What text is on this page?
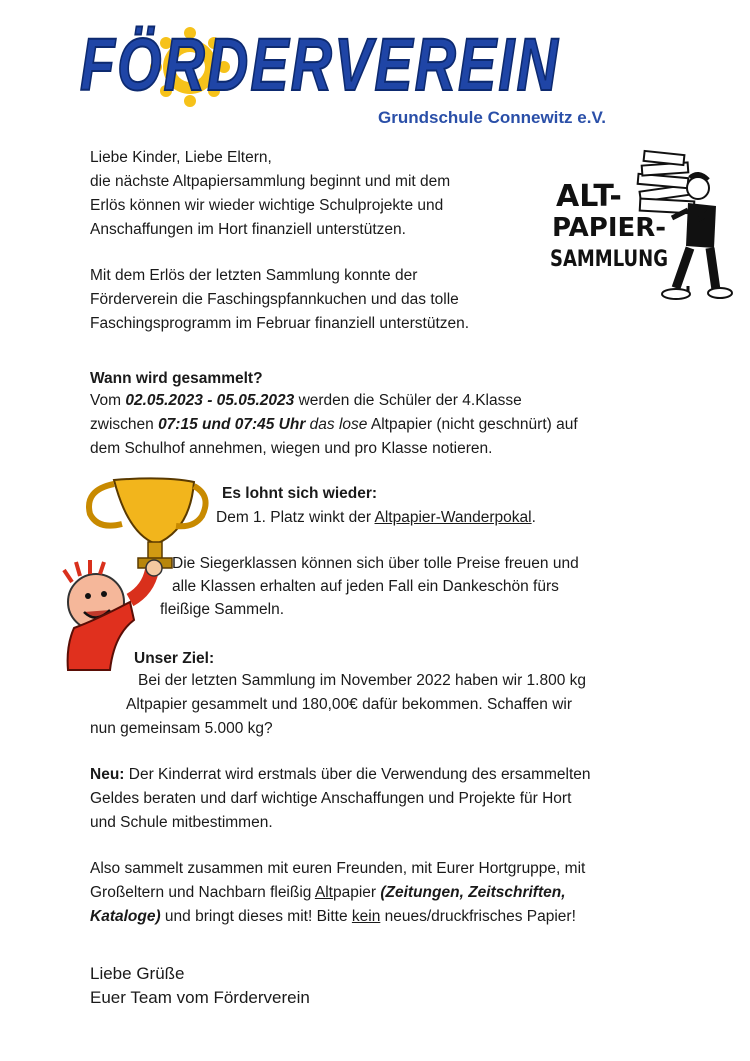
FÖRDERVEREIN
Grundschule Connewitz e.V.
Liebe Kinder, Liebe Eltern,
die nächste Altpapiersammlung beginnt und mit dem
Erlös können wir wieder wichtige Schulprojekte und
Anschaffungen im Hort finanziell unterstützen.
Mit dem Erlös der letzten Sammlung konnte der
Förderverein die Faschingspfannkuchen und das tolle
Faschingsprogramm im Februar finanziell unterstützen.
ALT-
PAPIER-
SAMMLUNG
Wann wird gesammelt?
Vom 02.05.2023 - 05.05.2023 werden die Schüler der 4.Klasse
zwischen 07:15 und 07:45 Uhr das lose Altpapier (nicht geschnürt) auf
dem Schulhof annehmen, wiegen und pro Klasse notieren.
Es lohnt sich wieder:
Dem 1. Platz winkt der Altpapier-Wanderpokal.
Die Siegerklassen können sich über tolle Preise freuen und
alle Klassen erhalten auf jeden Fall ein Dankeschön fürs
fleißige Sammeln.
Unser Ziel:
Bei der letzten Sammlung im November 2022 haben wir 1.800 kg
Altpapier gesammelt und 180,00€ dafür bekommen. Schaffen wir
nun gemeinsam 5.000 kg?
Neu: Der Kinderrat wird erstmals über die Verwendung des ersammelten
Geldes beraten und darf wichtige Anschaffungen und Projekte für Hort
und Schule mitbestimmen.
Also sammelt zusammen mit euren Freunden, mit Eurer Hortgruppe, mit
Großeltern und Nachbarn fleißig Altpapier (Zeitungen, Zeitschriften,
Kataloge) und bringt dieses mit! Bitte kein neues/druckfrisches Papier!
Liebe Grüße
Euer Team vom Förderverein
